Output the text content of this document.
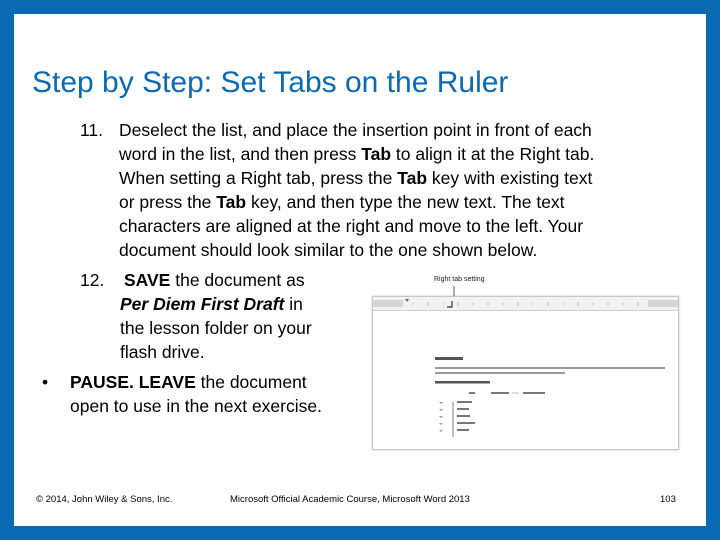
Step by Step: Set Tabs on the Ruler
11. Deselect the list, and place the insertion point in front of each
word in the list, and then press Tab to align it at the Right tab.
When setting a Right tab, press the Tab key with existing text
or press the Tab key, and then type the new text. The text
characters are aligned at the right and move to the left. Your
document should look similar to the one shown below.
12. SAVE the document as
Per Diem First Draft in
the lesson folder on your
flash drive.
• PAUSE. LEAVE the document
open to use in the next exercise.
Right tab setting
© 2014, John Wiley & Sons, Inc.	Microsoft Official Academic Course, Microsoft Word 2013	103
